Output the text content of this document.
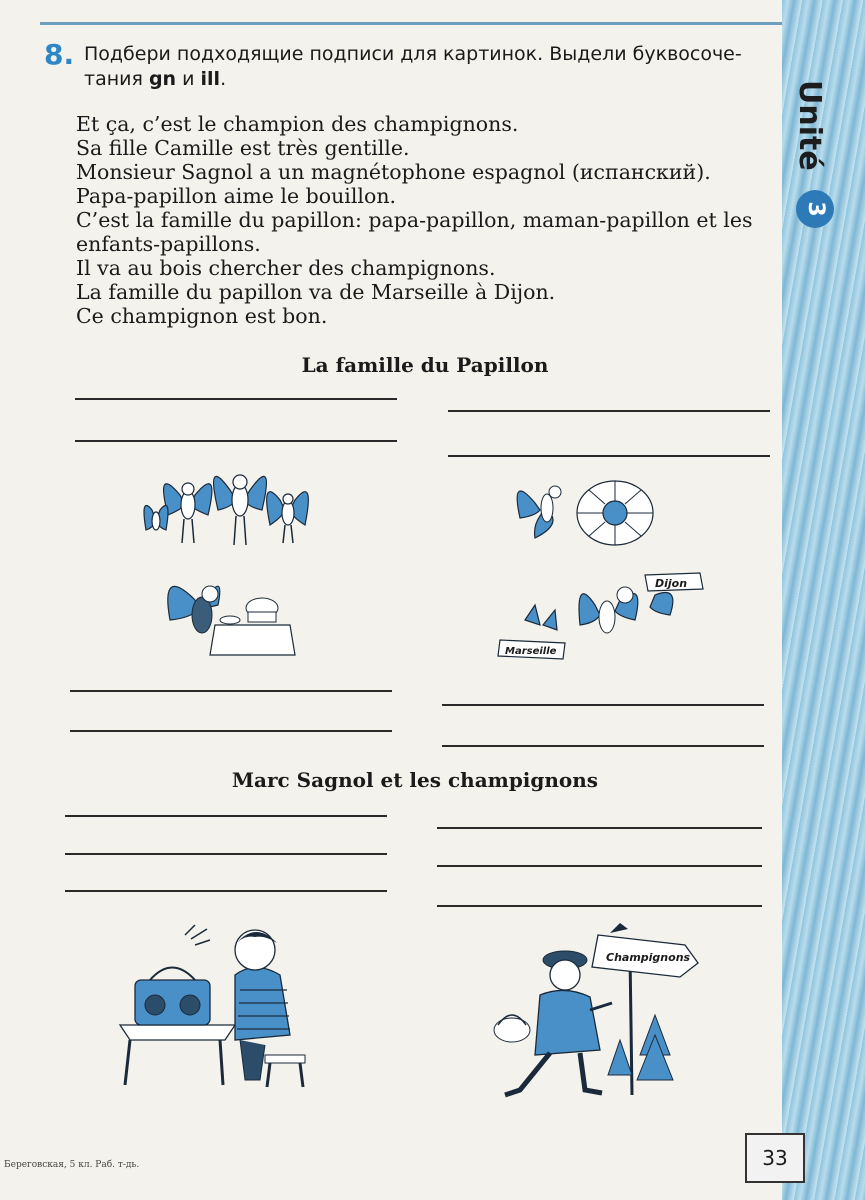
Unité
3
8. Подбери подходящие подписи для картинок. Выдели буквосоче-
тания gn и ill.
Et ça, c’est le champion des champignons.
Sa fille Camille est très gentille.
Monsieur Sagnol a un magnétophone espagnol (испанский).
Papa-papillon aime le bouillon.
C’est la famille du papillon: papa-papillon, maman-papillon et les enfants-papillons.
Il va au bois chercher des champignons.
La famille du papillon va de Marseille à Dijon.
Ce champignon est bon.
La famille du Papillon
Dijon
Marseille
Marc Sagnol et les champignons
Champignons
Береговская, 5 кл. Раб. т-дь.	33
